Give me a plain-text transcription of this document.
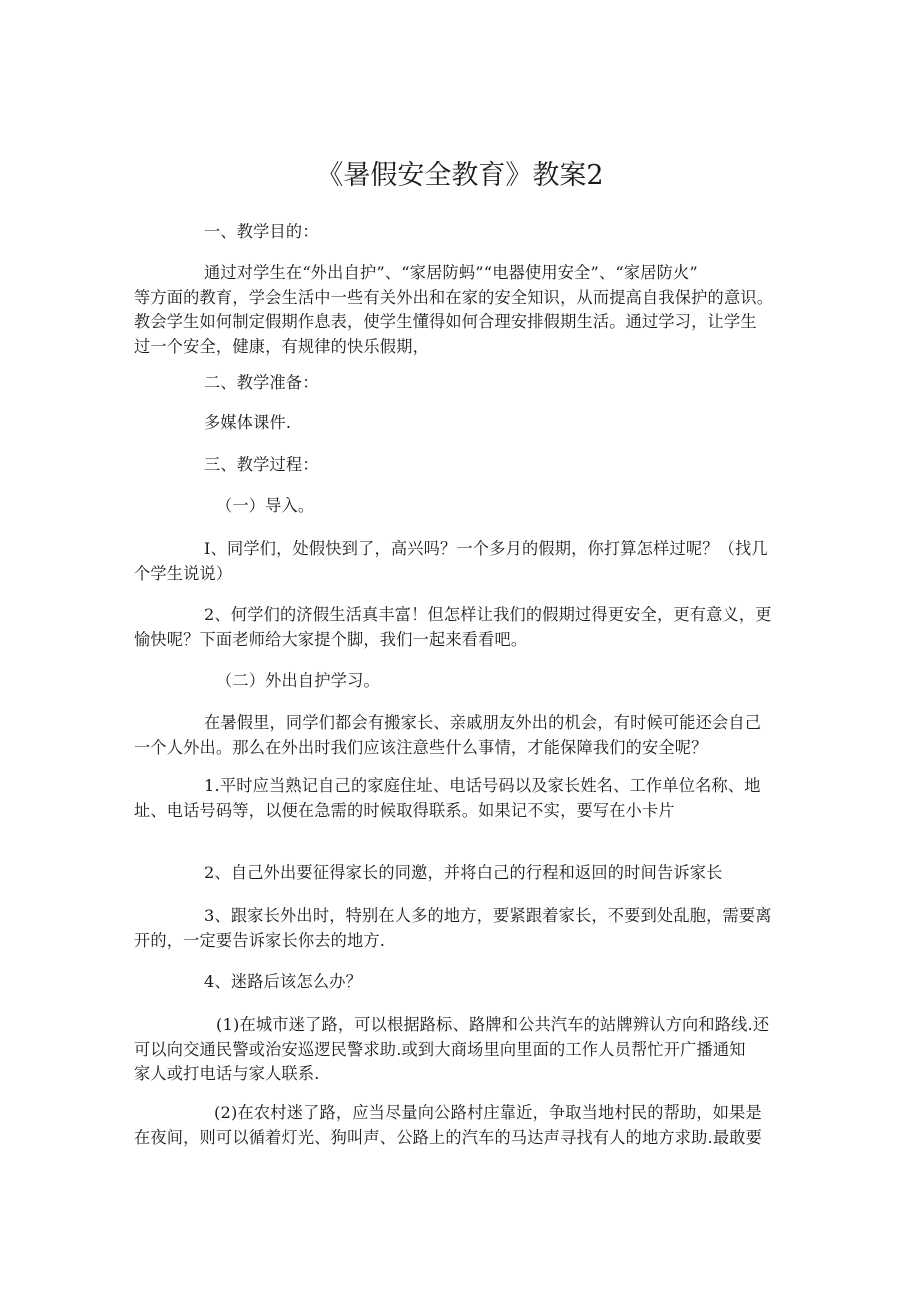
《暑假安全教育》教案2
一、教学目的：
通过对学生在“外出自护”、“家居防蚂”“电器使用安全”、“家居防火”
等方面的教育，学会生活中一些有关外出和在家的安全知识，从而提高自我保护的意识。
教会学生如何制定假期作息表，使学生懂得如何合理安排假期生活。通过学习，让学生
过一个安全，健康，有规律的快乐假期，
二、教学准备：
多媒体课件.
三、教学过程：
（一）导入。
I、同学们，处假快到了，高兴吗？一个多月的假期，你打算怎样过呢？（找几
个学生说说）
2、何学们的济假生活真丰富！但怎样让我们的假期过得更安全，更有意义，更
愉快呢？下面老师给大家提个脚，我们一起来看看吧。
（二）外出自护学习。
在暑假里，同学们都会有搬家长、亲戚朋友外出的机会，有时候可能还会自己
一个人外出。那么在外出时我们应该注意些什么事情，才能保障我们的安全呢？
1.平时应当熟记自己的家庭住址、电话号码以及家长姓名、工作单位名称、地
址、电话号码等，以便在急需的时候取得联系。如果记不实，要写在小卡片
2、自己外出要征得家长的同邀，并将白己的行程和返回的时间告诉家长
3、跟家长外出时，特别在人多的地方，要紧跟着家长，不要到处乱胞，需要离
开的，一定要告诉家长你去的地方.
4、迷路后该怎么办？
(1)在城市迷了路，可以根据路标、路牌和公共汽车的站牌辨认方向和路线.还
可以向交通民警或治安巡逻民警求助.或到大商场里向里面的工作人员帮忙开广播通知
家人或打电话与家人联系.
(2)在农村迷了路，应当尽量向公路村庄靠近，争取当地村民的帮助，如果是
在夜间，则可以循着灯光、狗叫声、公路上的汽车的马达声寻找有人的地方求助.最敢要
